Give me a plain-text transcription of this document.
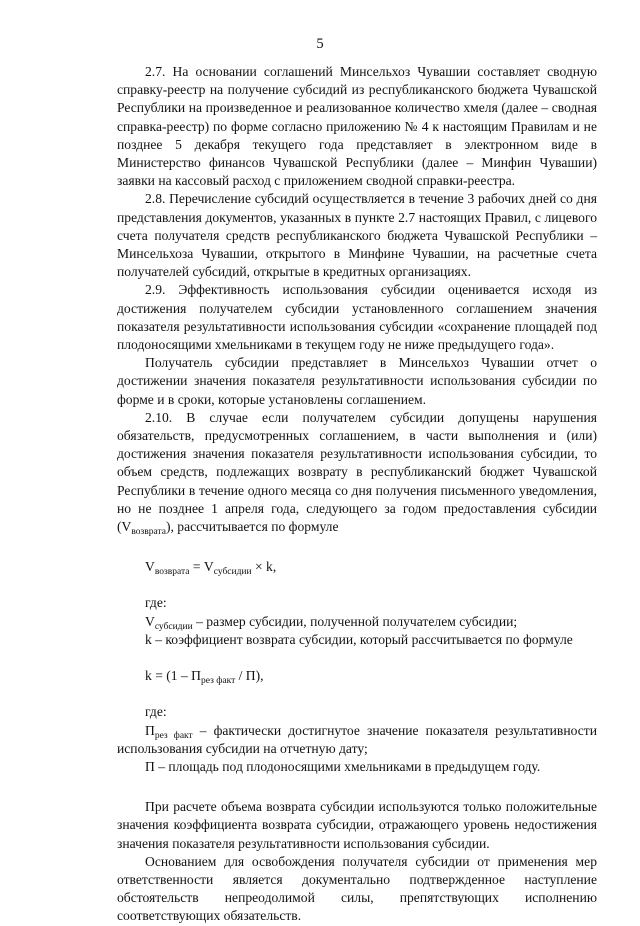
5

2.7. На основании соглашений Минсельхоз Чувашии составляет сводную справку-реестр на получение субсидий из республиканского бюджета Чувашской Республики на произведенное и реализованное количество хмеля (далее – сводная справка-реестр) по форме согласно приложению № 4 к настоящим Правилам и не позднее 5 декабря текущего года представляет в электронном виде в Министерство финансов Чувашской Республики (далее – Минфин Чувашии) заявки на кассовый расход с приложением сводной справки-реестра.

2.8. Перечисление субсидий осуществляется в течение 3 рабочих дней со дня представления документов, указанных в пункте 2.7 настоящих Правил, с лицевого счета получателя средств республиканского бюджета Чувашской Республики – Минсельхоза Чувашии, открытого в Минфине Чувашии, на расчетные счета получателей субсидий, открытые в кредитных организациях.

2.9. Эффективность использования субсидии оценивается исходя из достижения получателем субсидии установленного соглашением значения показателя результативности использования субсидии «сохранение площадей под плодоносящими хмельниками в текущем году не ниже предыдущего года».

Получатель субсидии представляет в Минсельхоз Чувашии отчет о достижении значения показателя результативности использования субсидии по форме и в сроки, которые установлены соглашением.

2.10. В случае если получателем субсидии допущены нарушения обязательств, предусмотренных соглашением, в части выполнения и (или) достижения значения показателя результативности использования субсидии, то объем средств, подлежащих возврату в республиканский бюджет Чувашской Республики в течение одного месяца со дня получения письменного уведомления, но не позднее 1 апреля года, следующего за годом предоставления субсидии $(V_{возврата})$, рассчитывается по формуле

$V_{возврата} = V_{субсидии} \times k$,

где:

$V_{субсидии}$ – размер субсидии, полученной получателем субсидии;

k – коэффициент возврата субсидии, который рассчитывается по формуле

$k = (1 - П_{рез факт} / П)$,

где:

$П_{рез факт}$ – фактически достигнутое значение показателя результативности использования субсидии на отчетную дату;

П – площадь под плодоносящими хмельниками в предыдущем году.

При расчете объема возврата субсидии используются только положительные значения коэффициента возврата субсидии, отражающего уровень недостижения значения показателя результативности использования субсидии.

Основанием для освобождения получателя субсидии от применения мер ответственности является документально подтвержденное наступление обстоятельств непреодолимой силы, препятствующих исполнению соответствующих обязательств.
